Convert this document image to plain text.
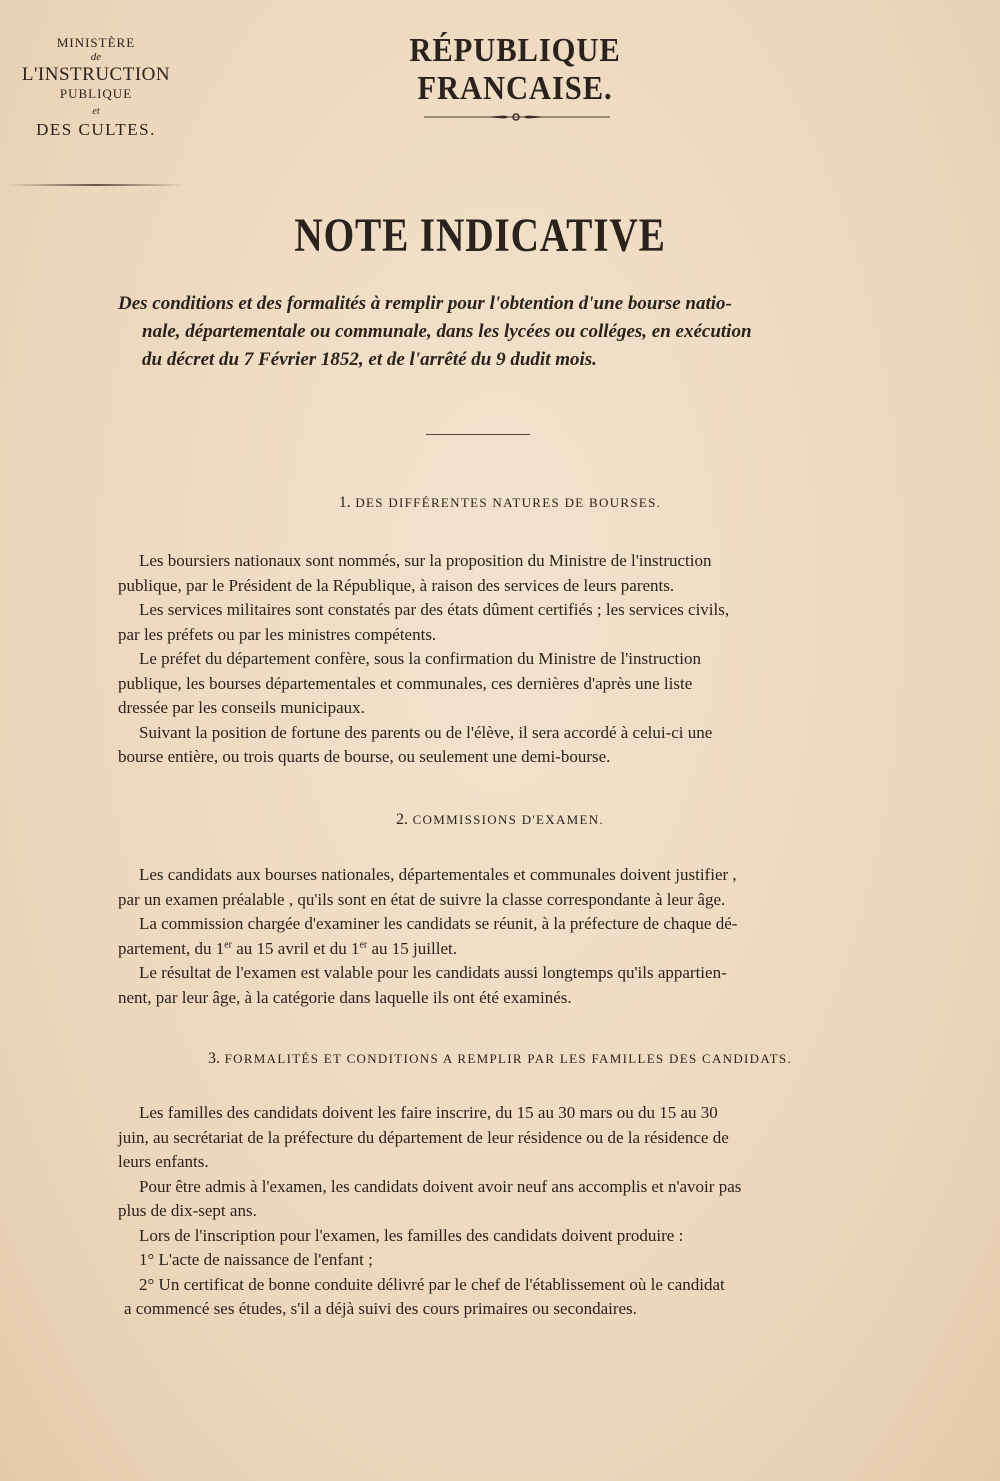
MINISTÈRE
de
L'INSTRUCTION
PUBLIQUE
et
DES CULTES.
RÉPUBLIQUE FRANCAISE.
NOTE INDICATIVE
Des conditions et des formalités à remplir pour l'obtention d'une bourse natio-
nale, départementale ou communale, dans les lycées ou colléges, en exécution
du décret du 7 Février 1852, et de l'arrêté du 9 dudit mois.
1. DES DIFFÉRENTES NATURES DE BOURSES.
Les boursiers nationaux sont nommés, sur la proposition du Ministre de l'instruction
publique, par le Président de la République, à raison des services de leurs parents.
Les services militaires sont constatés par des états dûment certifiés ; les services civils,
par les préfets ou par les ministres compétents.
Le préfet du département confère, sous la confirmation du Ministre de l'instruction
publique, les bourses départementales et communales, ces dernières d'après une liste
dressée par les conseils municipaux.
Suivant la position de fortune des parents ou de l'élève, il sera accordé à celui-ci une
bourse entière, ou trois quarts de bourse, ou seulement une demi-bourse.
2. COMMISSIONS D'EXAMEN.
Les candidats aux bourses nationales, départementales et communales doivent justifier ,
par un examen préalable , qu'ils sont en état de suivre la classe correspondante à leur âge.
La commission chargée d'examiner les candidats se réunit, à la préfecture de chaque dé-
partement, du 1er au 15 avril et du 1er au 15 juillet.
Le résultat de l'examen est valable pour les candidats aussi longtemps qu'ils appartien-
nent, par leur âge, à la catégorie dans laquelle ils ont été examinés.
3. FORMALITÉS ET CONDITIONS A REMPLIR PAR LES FAMILLES DES CANDIDATS.
Les familles des candidats doivent les faire inscrire, du 15 au 30 mars ou du 15 au 30
juin, au secrétariat de la préfecture du département de leur résidence ou de la résidence de
leurs enfants.
Pour être admis à l'examen, les candidats doivent avoir neuf ans accomplis et n'avoir pas
plus de dix-sept ans.
Lors de l'inscription pour l'examen, les familles des candidats doivent produire :
1° L'acte de naissance de l'enfant ;
2° Un certificat de bonne conduite délivré par le chef de l'établissement où le candidat
a commencé ses études, s'il a déjà suivi des cours primaires ou secondaires.
